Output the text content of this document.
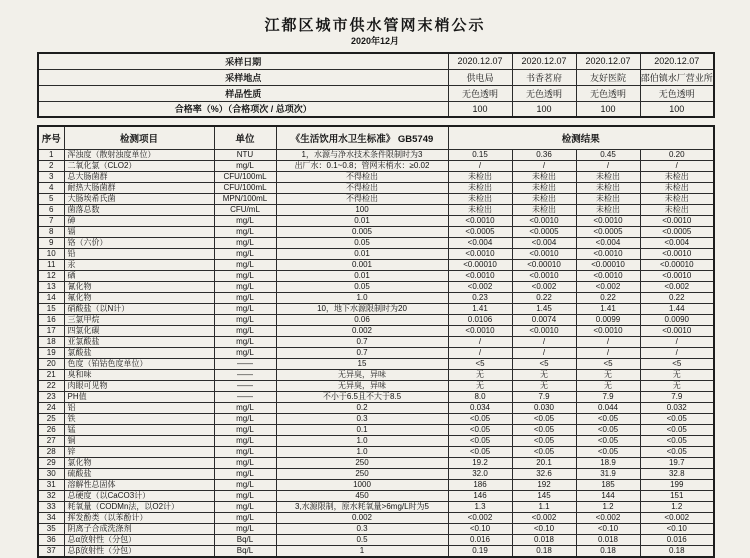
江都区城市供水管网末梢公示
2020年12月
采样日期	2020.12.07	2020.12.07	2020.12.07	2020.12.07
采样地点	供电局	书香茗府	友好医院	邵伯镇水厂营业所
样品性质	无色透明	无色透明	无色透明	无色透明
合格率（%）（合格项次 / 总项次）	100	100	100	100
序号	检测项目	单位	《生活饮用水卫生标准》 GB5749	检测结果			
1	浑浊度（散射浊度单位）	NTU	1，水源与净水技术条件限制时为3	0.15	0.36	0.45	0.20
2	二氧化氯（CLO2）	mg/L	出厂水：0.1~0.8；管网末梢水：≥0.02	/	/	/	/
3	总大肠菌群	CFU/100mL	不得检出	未检出	未检出	未检出	未检出
4	耐热大肠菌群	CFU/100mL	不得检出	未检出	未检出	未检出	未检出
5	大肠埃希氏菌	MPN/100mL	不得检出	未检出	未检出	未检出	未检出
6	菌落总数	CFU/mL	100	未检出	未检出	未检出	未检出
7	砷	mg/L	0.01	<0.0010	<0.0010	<0.0010	<0.0010
8	镉	mg/L	0.005	<0.0005	<0.0005	<0.0005	<0.0005
9	铬（六价）	mg/L	0.05	<0.004	<0.004	<0.004	<0.004
10	铅	mg/L	0.01	<0.0010	<0.0010	<0.0010	<0.0010
11	汞	mg/L	0.001	<0.00010	<0.00010	<0.00010	<0.00010
12	硒	mg/L	0.01	<0.0010	<0.0010	<0.0010	<0.0010
13	氰化物	mg/L	0.05	<0.002	<0.002	<0.002	<0.002
14	氟化物	mg/L	1.0	0.23	0.22	0.22	0.22
15	硝酸盐（以N计）	mg/L	10，地下水源限制时为20	1.41	1.45	1.41	1.44
16	三氯甲烷	mg/L	0.06	0.0106	0.0074	0.0099	0.0090
17	四氯化碳	mg/L	0.002	<0.0010	<0.0010	<0.0010	<0.0010
18	亚氯酸盐	mg/L	0.7	/	/	/	/
19	氯酸盐	mg/L	0.7	/	/	/	/
20	色度（铂钴色度单位）	——	15	<5	<5	<5	<5
21	臭和味	——	无异臭，异味	无	无	无	无
22	肉眼可见物	——	无异臭，异味	无	无	无	无
23	PH值	——	不小于6.5且不大于8.5	8.0	7.9	7.9	7.9
24	铝	mg/L	0.2	0.034	0.030	0.044	0.032
25	铁	mg/L	0.3	<0.05	<0.05	<0.05	<0.05
26	锰	mg/L	0.1	<0.05	<0.05	<0.05	<0.05
27	铜	mg/L	1.0	<0.05	<0.05	<0.05	<0.05
28	锌	mg/L	1.0	<0.05	<0.05	<0.05	<0.05
29	氯化物	mg/L	250	19.2	20.1	18.9	19.7
30	硫酸盐	mg/L	250	32.0	32.6	31.9	32.8
31	溶解性总固体	mg/L	1000	186	192	185	199
32	总硬度（以CaCO3计）	mg/L	450	146	145	144	151
33	耗氧量（CODMn法，以O2计）	mg/L	3,水源限制，原水耗氧量>6mg/L时为5	1.3	1.1	1.2	1.2
34	挥发酚类（以苯酚计）	mg/L	0.002	<0.002	<0.002	<0.002	<0.002
35	阴离子合成洗涤剂	mg/L	0.3	<0.10	<0.10	<0.10	<0.10
36	总α放射性（分包）	Bq/L	0.5	0.016	0.018	0.018	0.016
37	总β放射性（分包）	Bq/L	1	0.19	0.18	0.18	0.18
